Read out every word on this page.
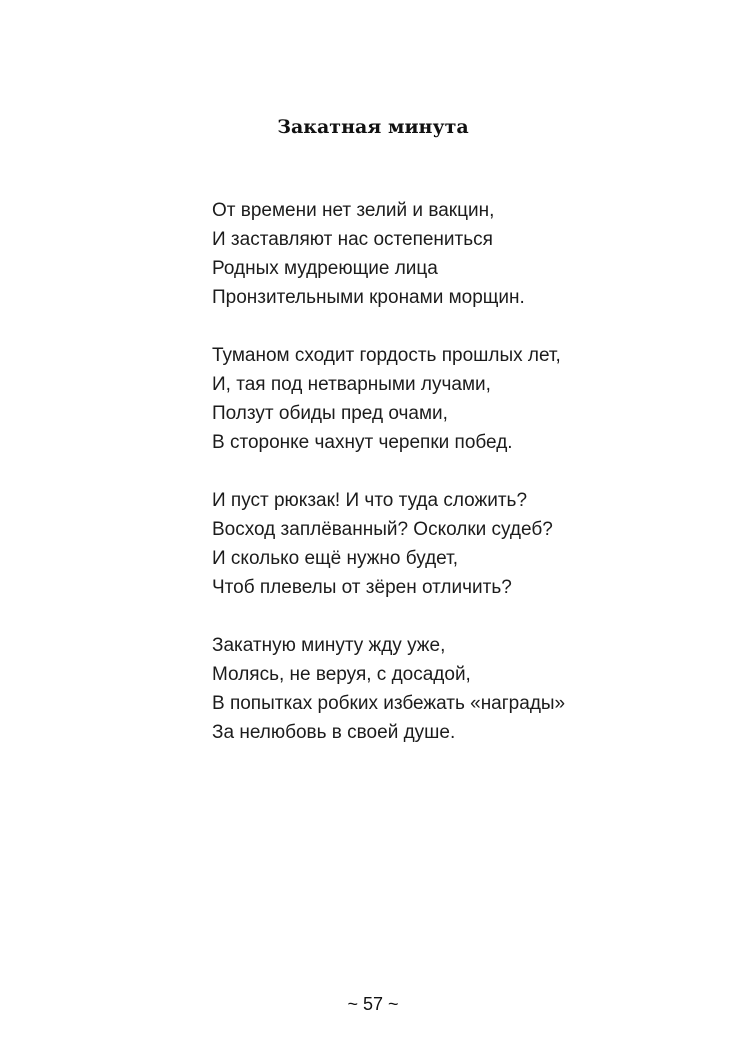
Закатная минута
От времени нет зелий и вакцин,
И заставляют нас остепениться
Родных мудреющие лица
Пронзительными кронами морщин.
Туманом сходит гордость прошлых лет,
И, тая под нетварными лучами,
Ползут обиды пред очами,
В сторонке чахнут черепки побед.
И пуст рюкзак! И что туда сложить?
Восход заплёванный? Осколки судеб?
И сколько ещё нужно будет,
Чтоб плевелы от зёрен отличить?
Закатную минуту жду уже,
Молясь, не веруя, с досадой,
В попытках робких избежать «награды»
За нелюбовь в своей душе.
~ 57 ~
